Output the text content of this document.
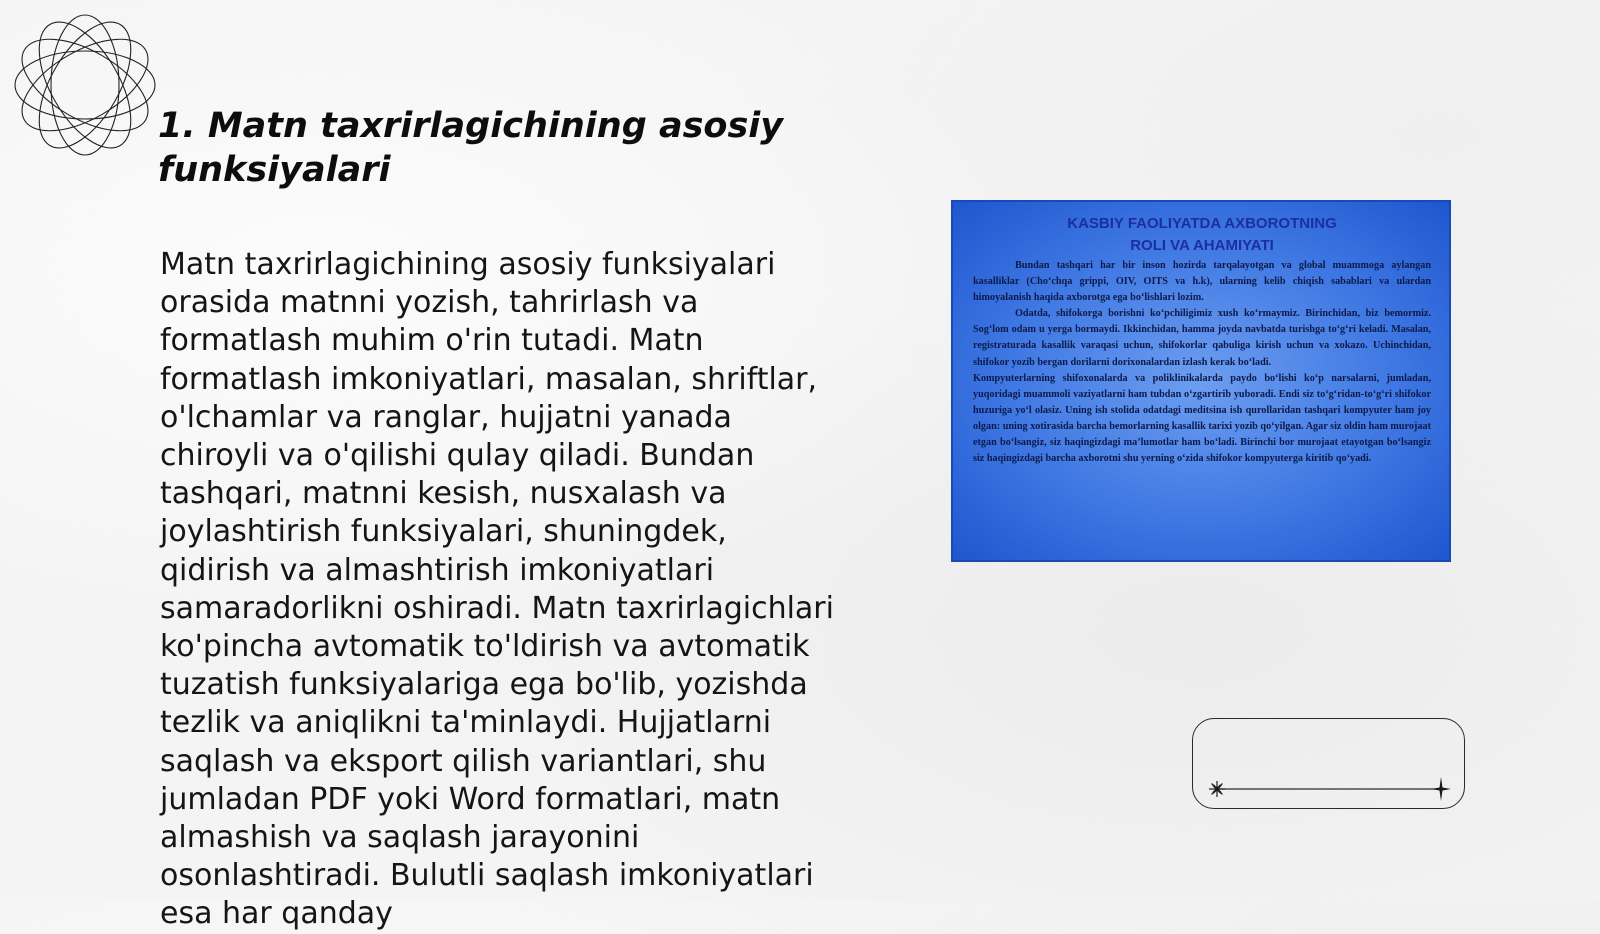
1. Matn taxrirlagichining asosiy funksiyalari

Matn taxrirlagichining asosiy funksiyalari orasida matnni yozish, tahrirlash va formatlash muhim o'rin tutadi. Matn formatlash imkoniyatlari, masalan, shriftlar, o'lchamlar va ranglar, hujjatni yanada chiroyli va o'qilishi qulay qiladi. Bundan tashqari, matnni kesish, nusxalash va joylashtirish funksiyalari, shuningdek, qidirish va almashtirish imkoniyatlari samaradorlikni oshiradi. Matn taxrirlagichlari ko'pincha avtomatik to'ldirish va avtomatik tuzatish funksiyalariga ega bo'lib, yozishda tezlik va aniqlikni ta'minlaydi. Hujjatlarni saqlash va eksport qilish variantlari, shu jumladan PDF yoki Word formatlari, matn almashish va saqlash jarayonini osonlashtiradi. Bulutli saqlash imkoniyatlari esa har qanday

KASBIY FAOLIYATDA AXBOROTNING
ROLI VA AHAMIYATI

Bundan tashqari har bir inson hozirda tarqalayotgan va global muammoga aylangan kasalliklar (Cho‘chqa grippi, OIV, OITS va h.k), ularning kelib chiqish sabablari va ulardan himoyalanish haqida axborotga ega bo‘lishlari lozim.

Odatda, shifokorga borishni ko‘pchiligimiz xush ko‘rmaymiz. Birinchidan, biz bemormiz. Sog‘lom odam u yerga bormaydi. Ikkinchidan, hamma joyda navbatda turishga to‘g‘ri keladi. Masalan, registraturada kasallik varaqasi uchun, shifokorlar qabuliga kirish uchun va xokazo. Uchinchidan, shifokor yozib bergan dorilarni dorixonalardan izlash kerak bo‘ladi.

Kompyuterlarning shifoxonalarda va poliklinikalarda paydo bo‘lishi ko‘p narsalarni, jumladan, yuqoridagi muammoli vaziyatlarni ham tubdan o‘zgartirib yuboradi. Endi siz to‘g‘ridan-to‘g‘ri shifokor huzuriga yo‘l olasiz. Uning ish stolida odatdagi meditsina ish qurollaridan tashqari kompyuter ham joy olgan: uning xotirasida barcha bemorlarning kasallik tarixi yozib qo‘yilgan. Agar siz oldin ham murojaat etgan bo‘lsangiz, siz haqingizdagi ma’lumotlar ham bo‘ladi. Birinchi bor murojaat etayotgan bo‘lsangiz siz haqingizdagi barcha axborotni shu yerning o‘zida shifokor kompyuterga kiritib qo‘yadi.
